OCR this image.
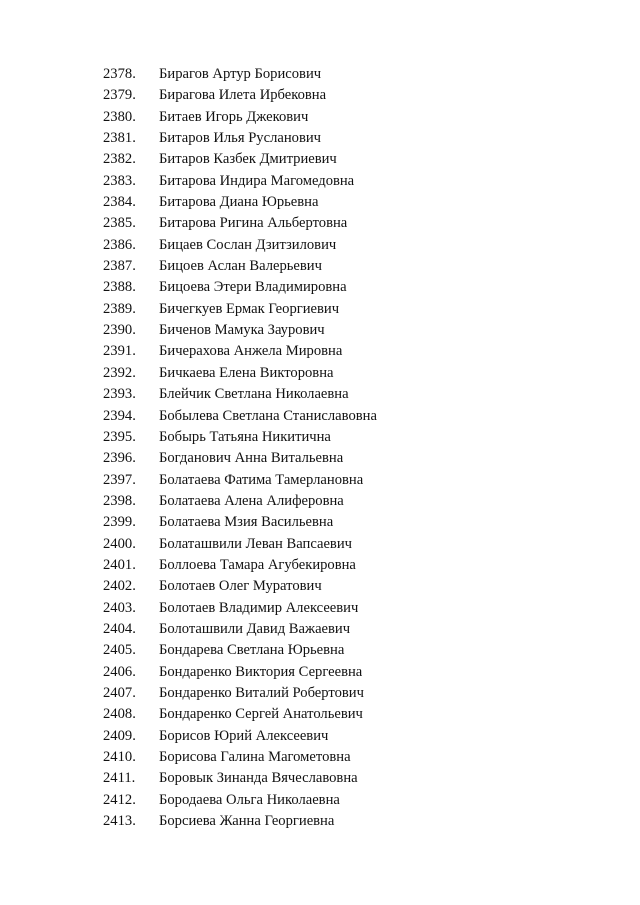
2378.	Бирагов Артур Борисович
2379.	Бирагова Илета Ирбековна
2380.	Битаев Игорь Джекович
2381.	Битаров Илья Русланович
2382.	Битаров Казбек Дмитриевич
2383.	Битарова Индира Магомедовна
2384.	Битарова Диана Юрьевна
2385.	Битарова Ригина Альбертовна
2386.	Бицаев Сослан Дзитзилович
2387.	Бицоев Аслан Валерьевич
2388.	Бицоева Этери Владимировна
2389.	Бичегкуев Ермак Георгиевич
2390.	Биченов Мамука Заурович
2391.	Бичерахова Анжела Мировна
2392.	Бичкаева Елена Викторовна
2393.	Блейчик Светлана Николаевна
2394.	Бобылева Светлана Станиславовна
2395.	Бобырь Татьяна Никитична
2396.	Богданович Анна Витальевна
2397.	Болатаева Фатима Тамерлановна
2398.	Болатаева Алена Алиферовна
2399.	Болатаева Мзия Васильевна
2400.	Болаташвили Леван Вапсаевич
2401.	Боллоева Тамара Агубекировна
2402.	Болотаев Олег Муратович
2403.	Болотаев Владимир Алексеевич
2404.	Болоташвили Давид Важаевич
2405.	Бондарева Светлана Юрьевна
2406.	Бондаренко Виктория Сергеевна
2407.	Бондаренко Виталий Робертович
2408.	Бондаренко Сергей Анатольевич
2409.	Борисов Юрий Алексеевич
2410.	Борисова Галина Магометовна
2411.	Боровык Зинанда Вячеславовна
2412.	Бородаева Ольга Николаевна
2413.	Борсиева Жанна Георгиевна
